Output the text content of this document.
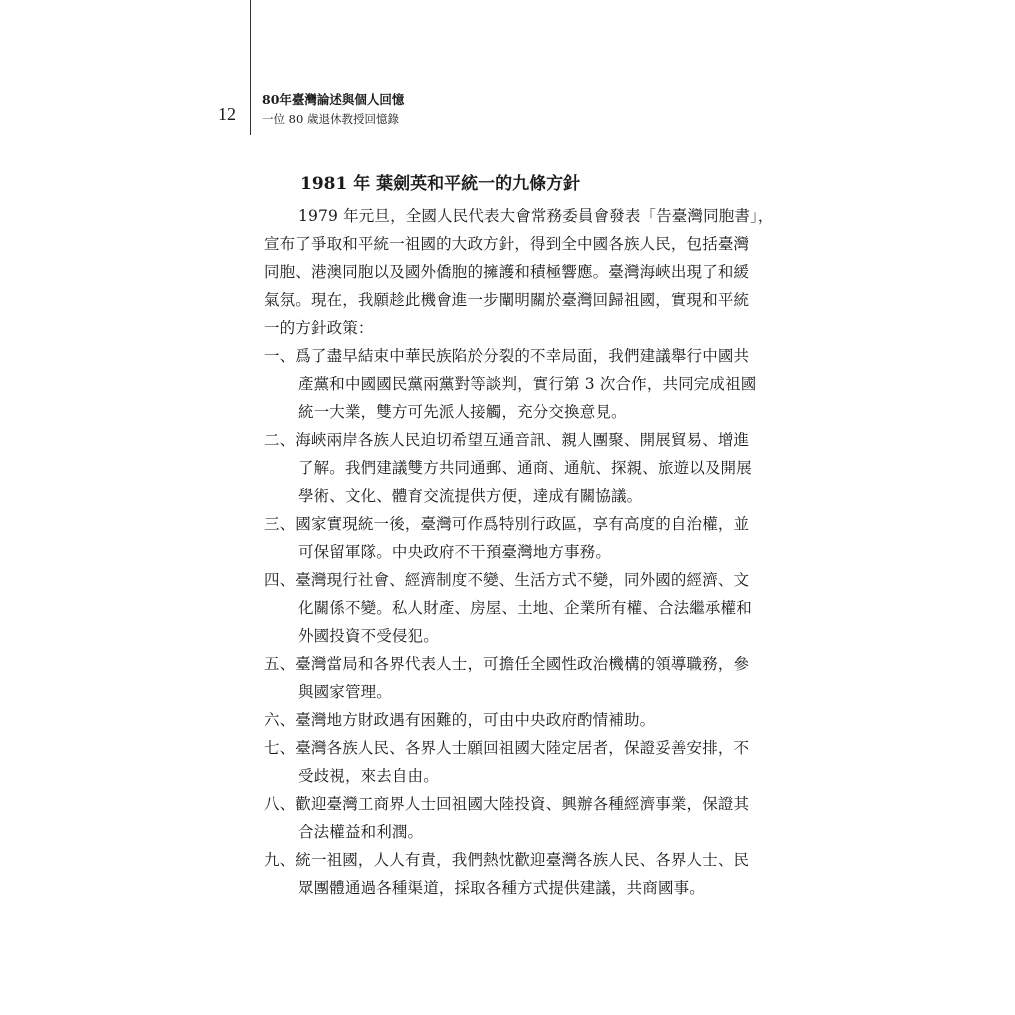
12
80年臺灣論述與個人回憶
一位 80 歲退休教授回憶錄
1981 年 葉劍英和平統一的九條方針
1979 年元旦，全國人民代表大會常務委員會發表「告臺灣同胞書」，
宣布了爭取和平統一祖國的大政方針，得到全中國各族人民，包括臺灣
同胞、港澳同胞以及國外僑胞的擁護和積極響應。臺灣海峽出現了和緩
氣氛。現在，我願趁此機會進一步闡明關於臺灣回歸祖國，實現和平統
一的方針政策：
一、爲了盡早結束中華民族陷於分裂的不幸局面，我們建議舉行中國共
產黨和中國國民黨兩黨對等談判，實行第 3 次合作，共同完成祖國
統一大業，雙方可先派人接觸，充分交換意見。
二、海峽兩岸各族人民迫切希望互通音訊、親人團聚、開展貿易、增進
了解。我們建議雙方共同通郵、通商、通航、探親、旅遊以及開展
學術、文化、體育交流提供方便，達成有關協議。
三、國家實現統一後，臺灣可作爲特別行政區，享有高度的自治權，並
可保留軍隊。中央政府不干預臺灣地方事務。
四、臺灣現行社會、經濟制度不變、生活方式不變，同外國的經濟、文
化關係不變。私人財產、房屋、土地、企業所有權、合法繼承權和
外國投資不受侵犯。
五、臺灣當局和各界代表人士，可擔任全國性政治機構的領導職務，參
與國家管理。
六、臺灣地方財政遇有困難的，可由中央政府酌情補助。
七、臺灣各族人民、各界人士願回祖國大陸定居者，保證妥善安排，不
受歧視，來去自由。
八、歡迎臺灣工商界人士回祖國大陸投資、興辦各種經濟事業，保證其
合法權益和利潤。
九、統一祖國，人人有責，我們熱忱歡迎臺灣各族人民、各界人士、民
眾團體通過各種渠道，採取各種方式提供建議，共商國事。
